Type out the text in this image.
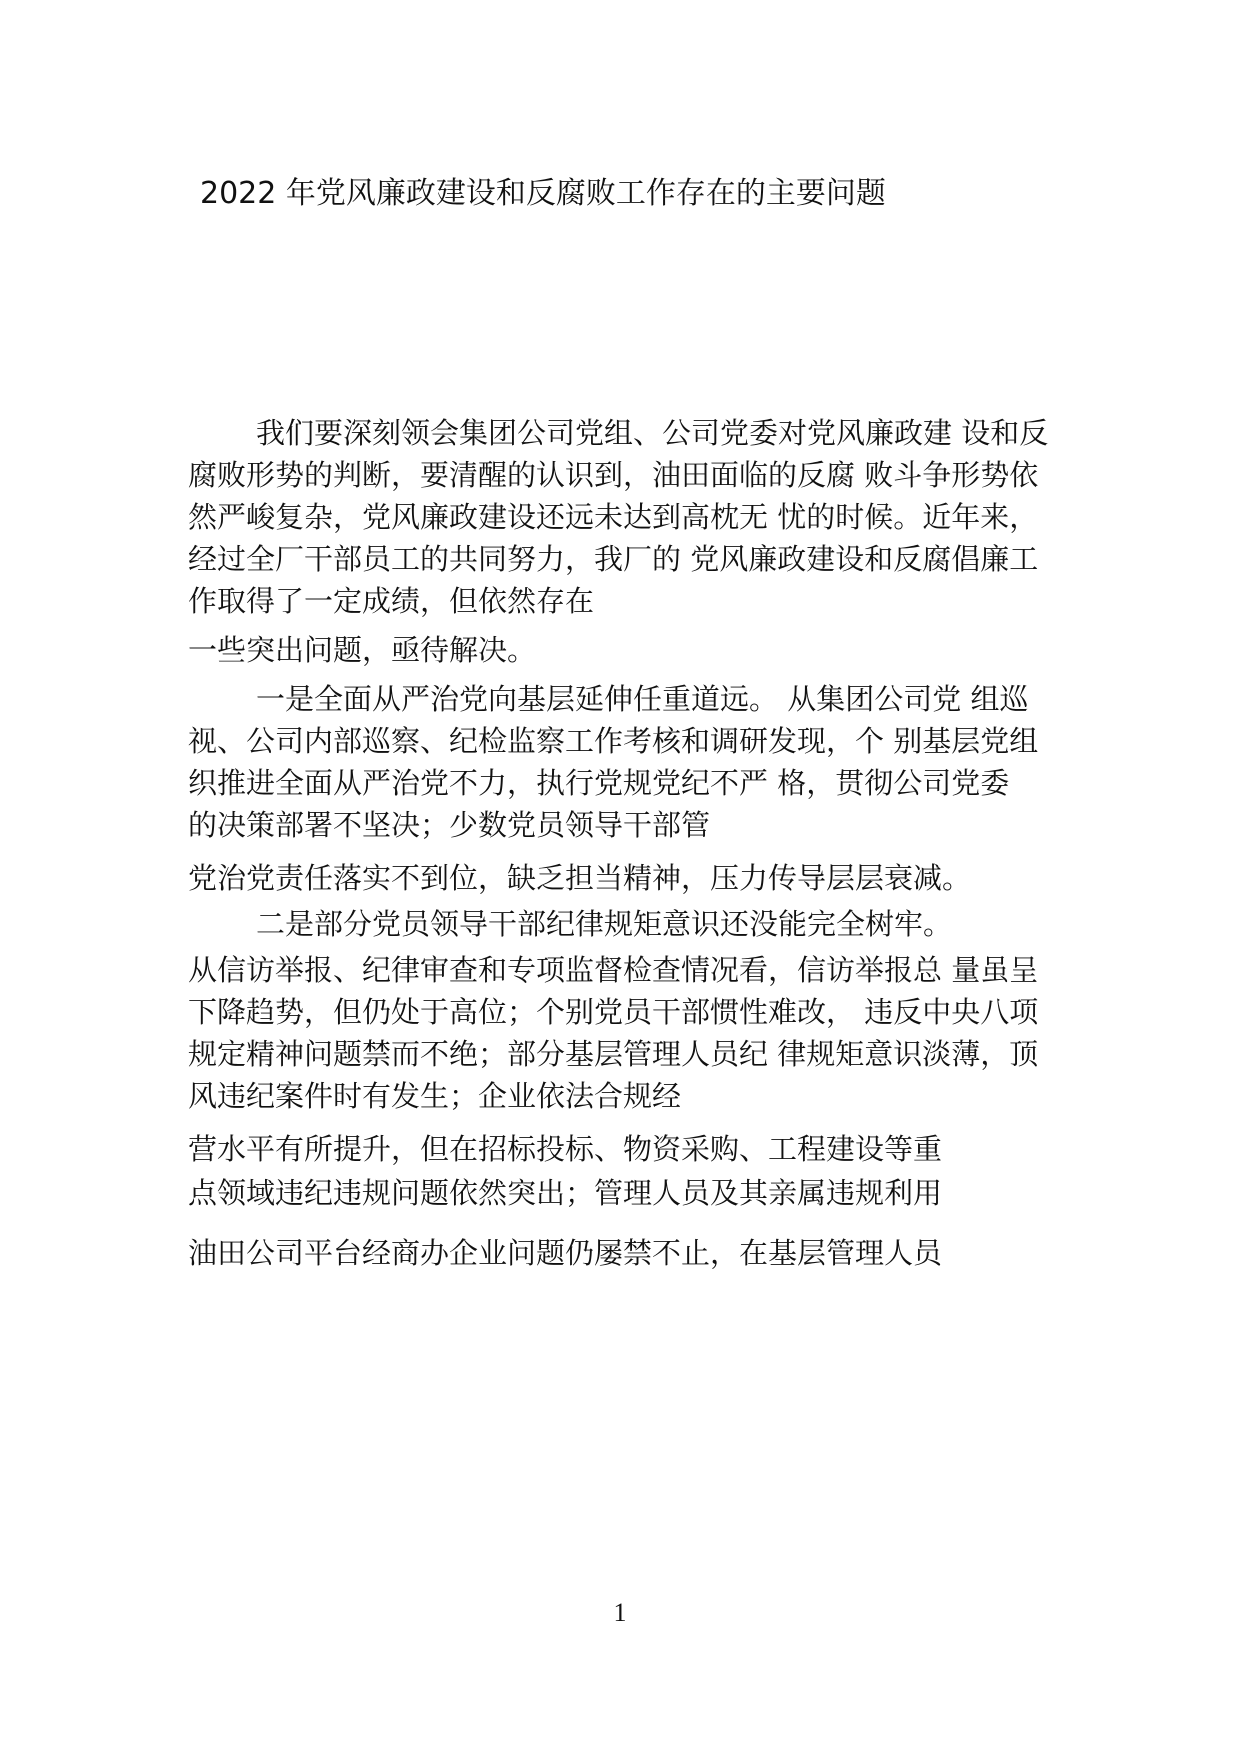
2022 年党风廉政建设和反腐败工作存在的主要问题
我们要深刻领会集团公司党组、公司党委对党风廉政建 设和反
腐败形势的判断，要清醒的认识到，油田面临的反腐 败斗争形势依
然严峻复杂，党风廉政建设还远未达到高枕无 忧的时候。近年来，
经过全厂干部员工的共同努力，我厂的 党风廉政建设和反腐倡廉工
作取得了一定成绩，但依然存在
一些突出问题，亟待解决。
一是全面从严治党向基层延伸任重道远。 从集团公司党 组巡
视、公司内部巡察、纪检监察工作考核和调研发现，个 别基层党组
织推进全面从严治党不力，执行党规党纪不严 格，贯彻公司党委
的决策部署不坚决；少数党员领导干部管
党治党责任落实不到位，缺乏担当精神，压力传导层层衰减。
二是部分党员领导干部纪律规矩意识还没能完全树牢。
从信访举报、纪律审查和专项监督检查情况看，信访举报总 量虽呈
下降趋势，但仍处于高位；个别党员干部惯性难改， 违反中央八项
规定精神问题禁而不绝；部分基层管理人员纪 律规矩意识淡薄，顶
风违纪案件时有发生；企业依法合规经
营水平有所提升，但在招标投标、物资采购、工程建设等重
点领域违纪违规问题依然突出；管理人员及其亲属违规利用
油田公司平台经商办企业问题仍屡禁不止，在基层管理人员
1
